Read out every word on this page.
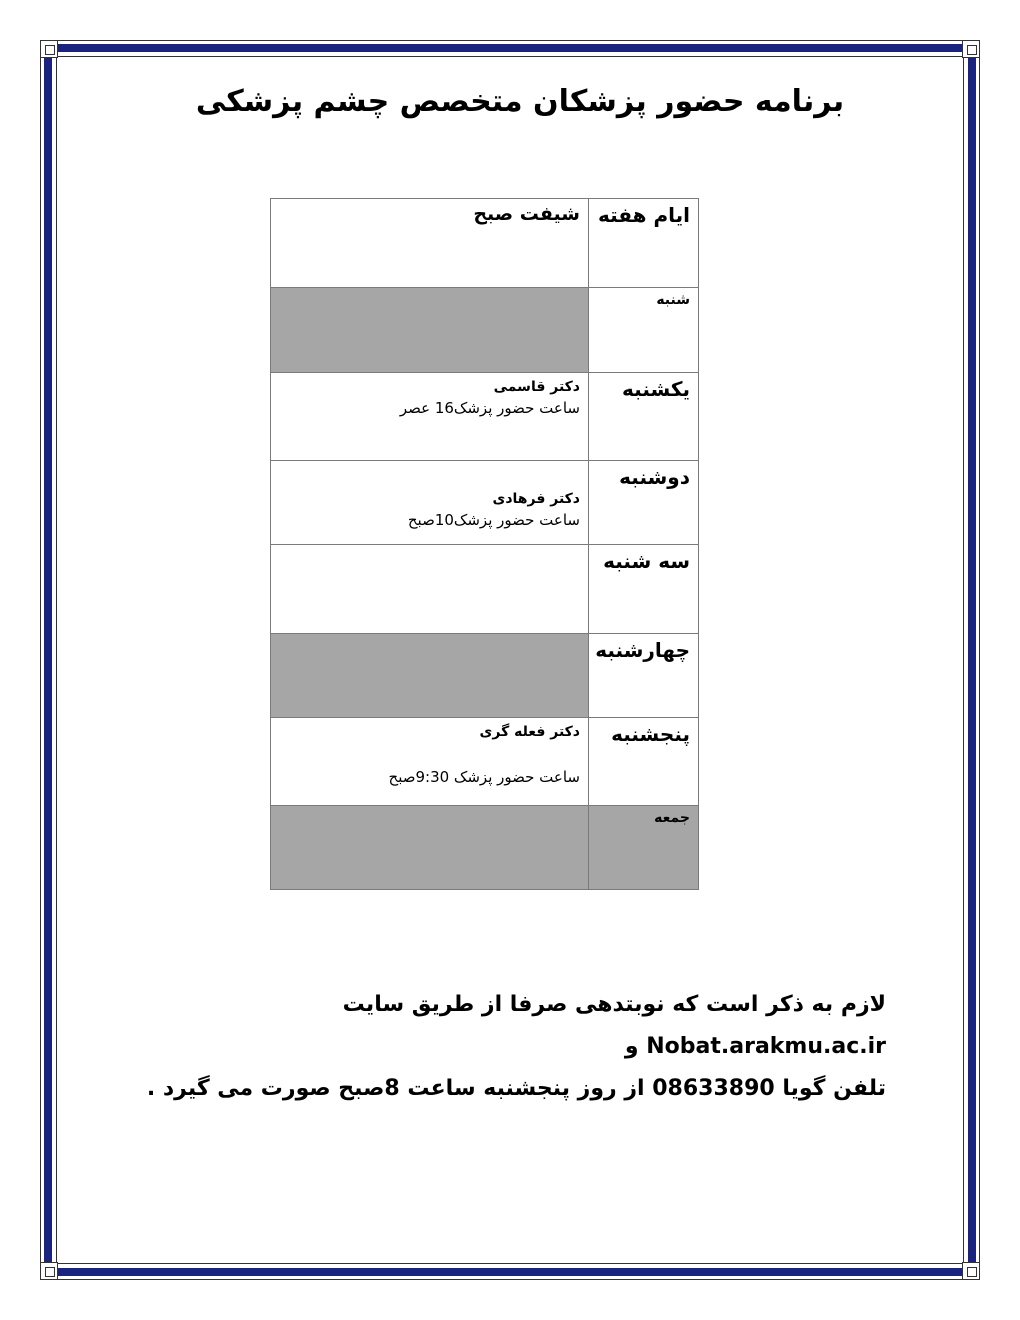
برنامه حضور پزشکان متخصص چشم پزشکی
ایام هفته	شیفت صبح
شنبه	
یکشنبه	دکتر قاسمی
ساعت حضور پزشک16 عصر

دوشنبه	دکتر فرهادی
ساعت حضور پزشک10صبح

سه شنبه	
چهارشنبه	
پنجشنبه	دکتر فعله گری
ساعت حضور پزشک 9:30صبح

جمعه	
لازم به ذکر است که نوبتدهی صرفا از طریق سایت Nobat.arakmu.ac.ir و
تلفن گویا 08633890 از روز پنجشنبه ساعت 8صبح صورت می گیرد .
